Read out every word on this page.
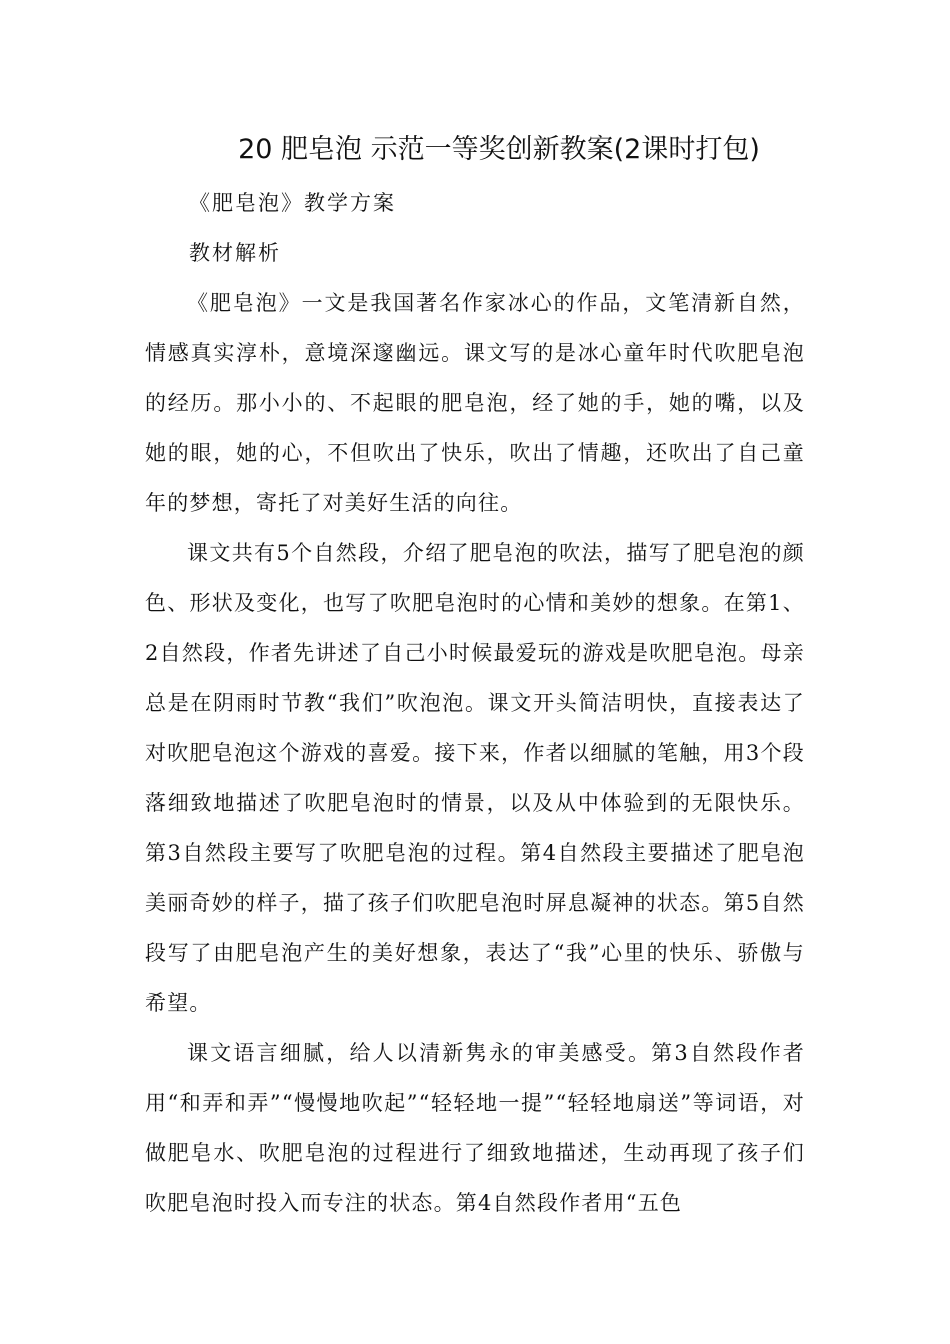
20 肥皂泡 示范一等奖创新教案(2课时打包)

《肥皂泡》教学方案

教材解析

《肥皂泡》一文是我国著名作家冰心的作品，文笔清新自然，情感真实淳朴，意境深邃幽远。课文写的是冰心童年时代吹肥皂泡的经历。那小小的、不起眼的肥皂泡，经了她的手，她的嘴，以及她的眼，她的心，不但吹出了快乐，吹出了情趣，还吹出了自己童年的梦想，寄托了对美好生活的向往。

课文共有5个自然段，介绍了肥皂泡的吹法，描写了肥皂泡的颜色、形状及变化，也写了吹肥皂泡时的心情和美妙的想象。在第1、2自然段，作者先讲述了自己小时候最爱玩的游戏是吹肥皂泡。母亲总是在阴雨时节教“我们”吹泡泡。课文开头简洁明快，直接表达了对吹肥皂泡这个游戏的喜爱。接下来，作者以细腻的笔触，用3个段落细致地描述了吹肥皂泡时的情景，以及从中体验到的无限快乐。第3自然段主要写了吹肥皂泡的过程。第4自然段主要描述了肥皂泡美丽奇妙的样子，描了孩子们吹肥皂泡时屏息凝神的状态。第5自然段写了由肥皂泡产生的美好想象，表达了“我”心里的快乐、骄傲与希望。

课文语言细腻，给人以清新隽永的审美感受。第3自然段作者用“和弄和弄”“慢慢地吹起”“轻轻地一提”“轻轻地扇送”等词语，对做肥皂水、吹肥皂泡的过程进行了细致地描述，生动再现了孩子们吹肥皂泡时投入而专注的状态。第4自然段作者用“五色
